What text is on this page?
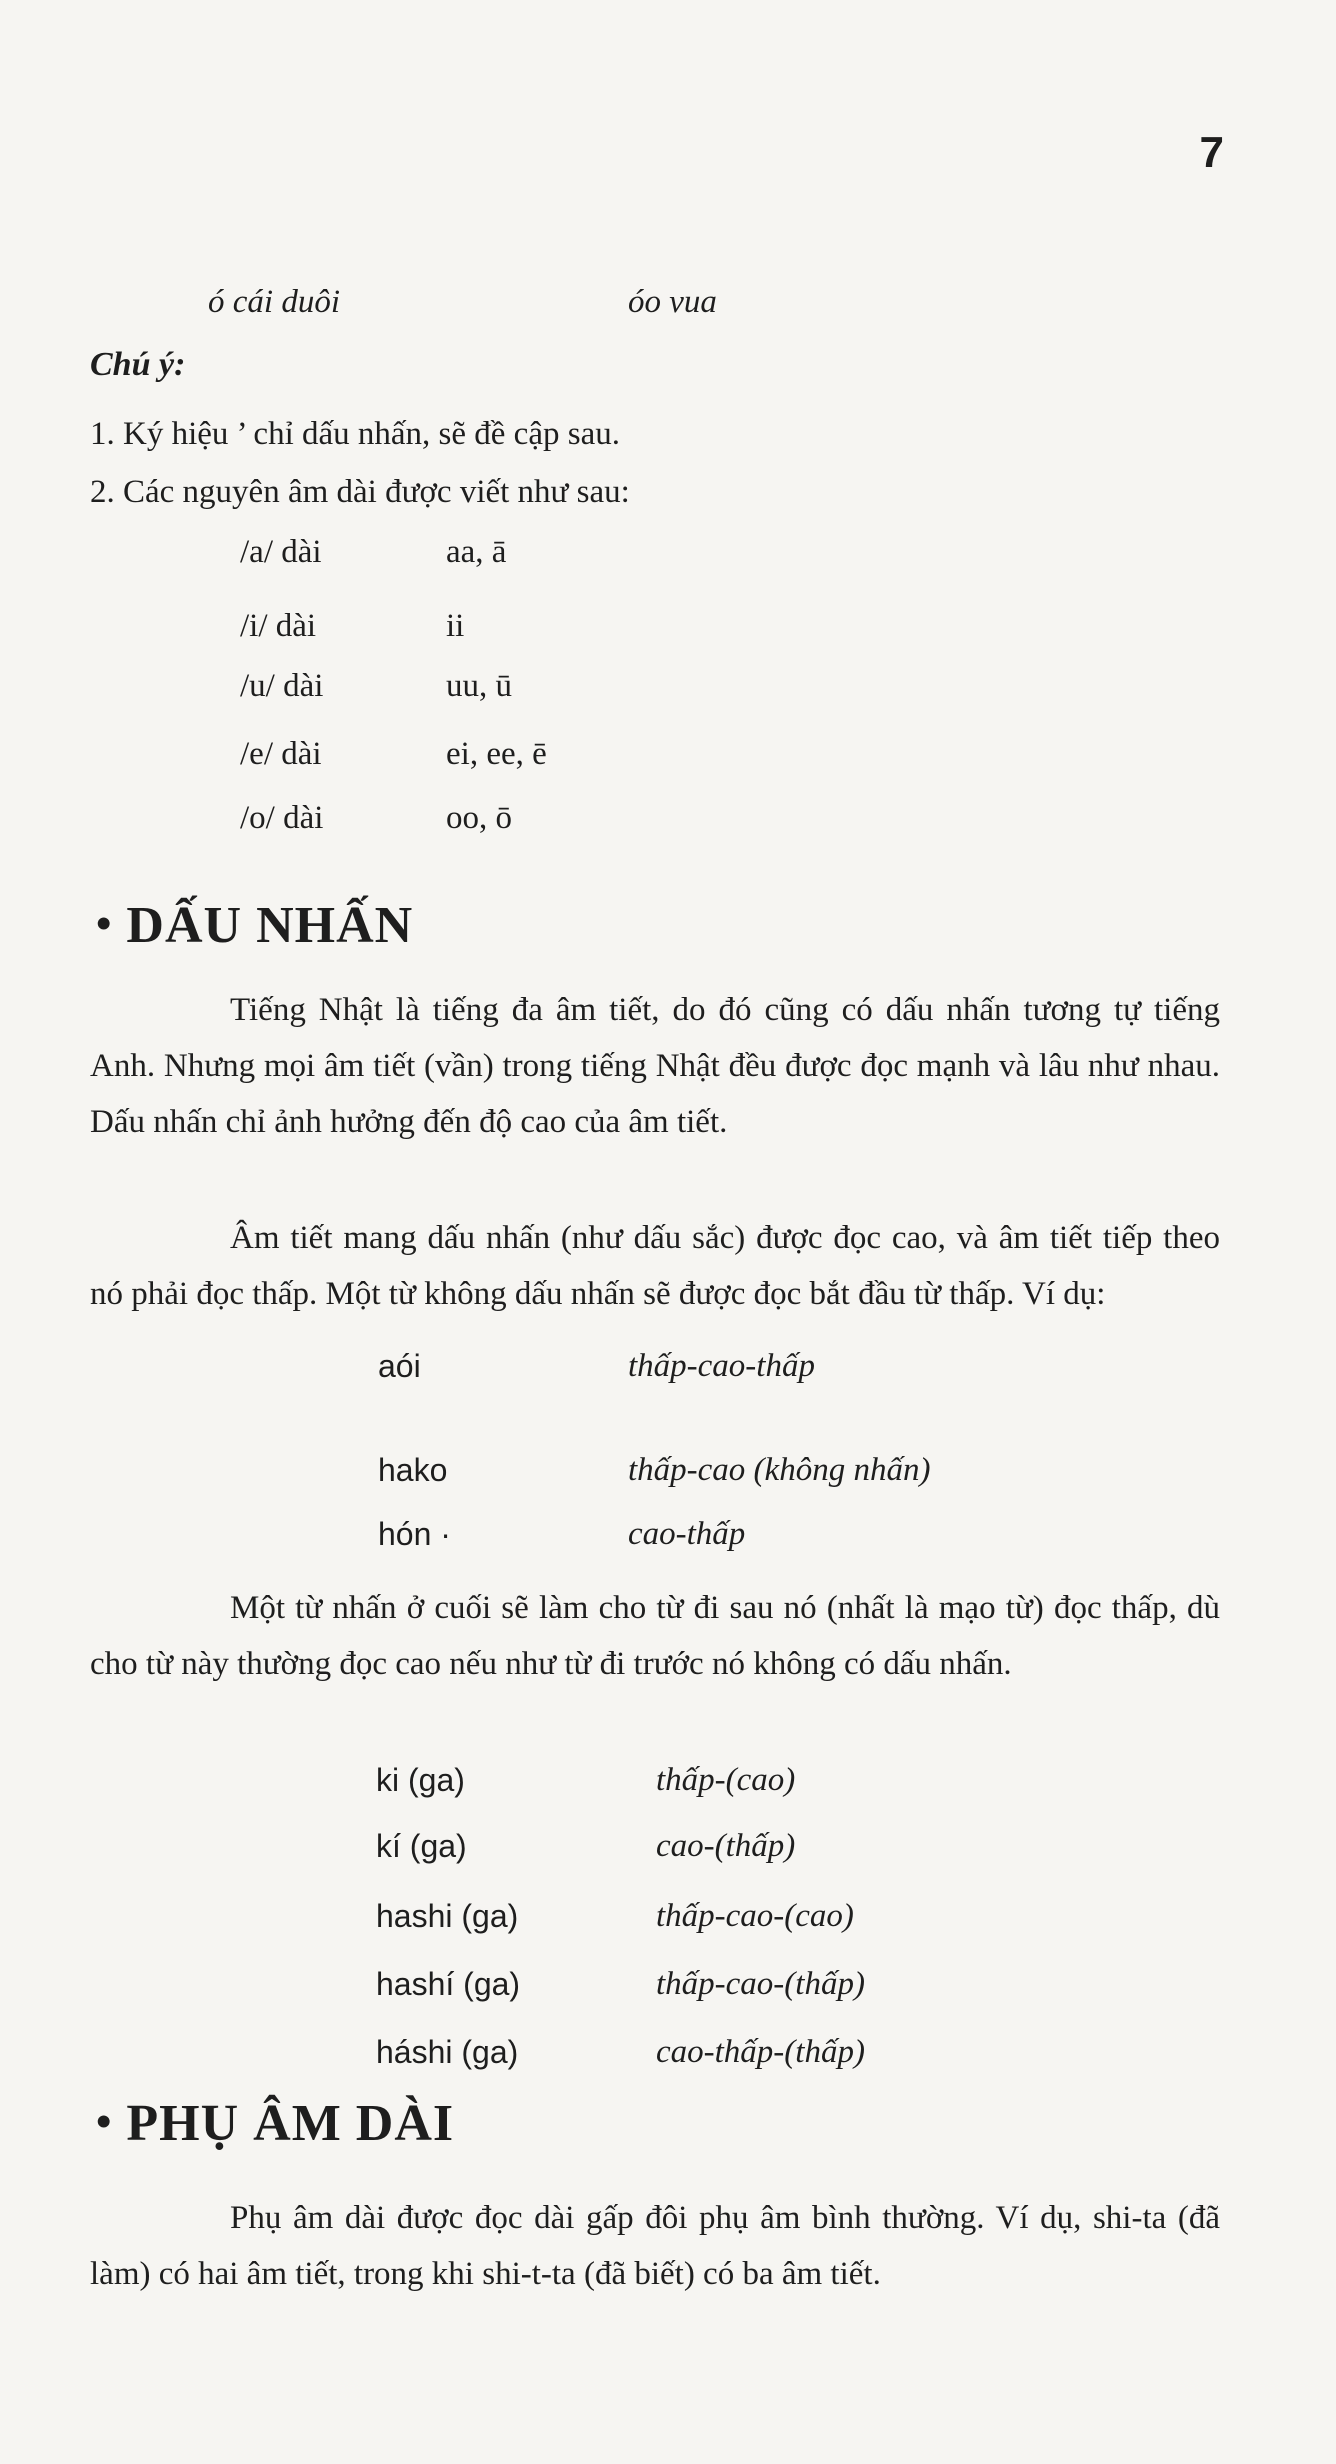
7
ó cái duôi	óo vua
Chú ý:
1. Ký hiệu ’ chỉ dấu nhấn, sẽ đề cập sau.
2. Các nguyên âm dài được viết như sau:
/a/ dài	aa, ā
/i/ dài	ii
/u/ dài	uu, ū
/e/ dài	ei, ee, ē
/o/ dài	oo, ō
• DẤU NHẤN
Tiếng Nhật là tiếng đa âm tiết, do đó cũng có dấu nhấn tương tự tiếng Anh. Nhưng mọi âm tiết (vần) trong tiếng Nhật đều được đọc mạnh và lâu như nhau. Dấu nhấn chỉ ảnh hưởng đến độ cao của âm tiết.
Âm tiết mang dấu nhấn (như dấu sắc) được đọc cao, và âm tiết tiếp theo nó phải đọc thấp. Một từ không dấu nhấn sẽ được đọc bắt đầu từ thấp. Ví dụ:
aói	thấp-cao-thấp
hako	thấp-cao (không nhấn)
hón ·	cao-thấp
Một từ nhấn ở cuối sẽ làm cho từ đi sau nó (nhất là mạo từ) đọc thấp, dù cho từ này thường đọc cao nếu như từ đi trước nó không có dấu nhấn.
ki (ga)	thấp-(cao)
kí (ga)	cao-(thấp)
hashi (ga)	thấp-cao-(cao)
hashí (ga)	thấp-cao-(thấp)
háshi (ga)	cao-thấp-(thấp)
• PHỤ ÂM DÀI
Phụ âm dài được đọc dài gấp đôi phụ âm bình thường. Ví dụ, shi-ta (đã làm) có hai âm tiết, trong khi shi-t-ta (đã biết) có ba âm tiết.
